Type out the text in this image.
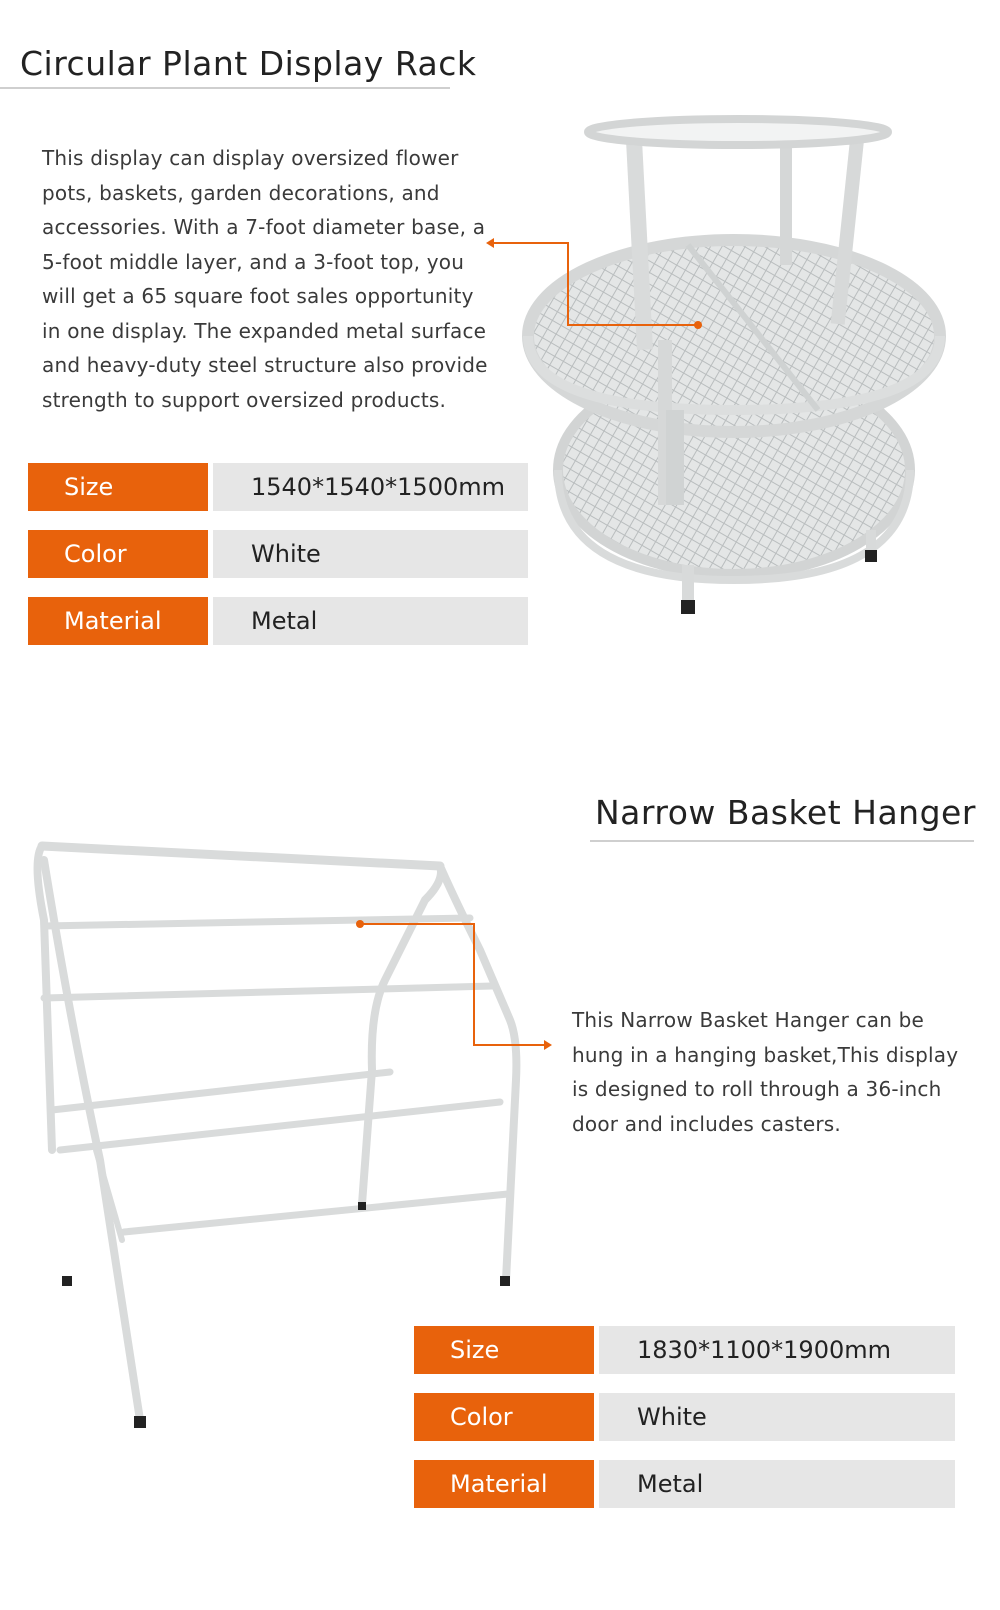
Circular Plant Display Rack
This display can display oversized flower pots, baskets, garden decorations, and accessories. With a 7-foot diameter base, a 5-foot middle layer, and a 3-foot top, you will get a 65 square foot sales opportunity in one display. The expanded metal surface and heavy-duty steel structure also provide strength to support oversized products.
Size	1540*1540*1500mm
Color	White
Material	Metal
Narrow Basket Hanger
This Narrow Basket Hanger can be hung in a hanging basket,This display is designed to roll through a 36-inch door and includes casters.
Size	1830*1100*1900mm
Color	White
Material	Metal
